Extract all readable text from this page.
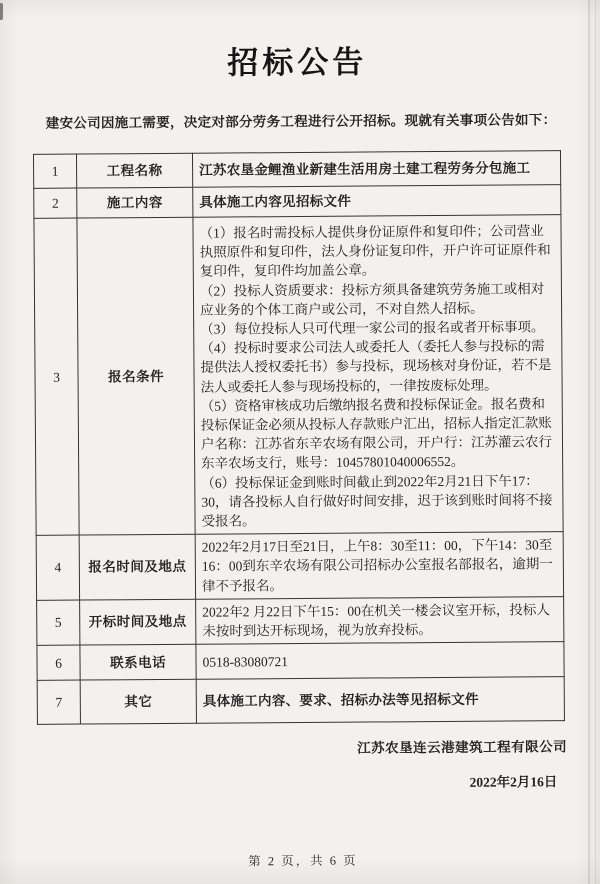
招标公告

建安公司因施工需要，决定对部分劳务工程进行公开招标。现就有关事项公告如下：

1	工程名称	江苏农垦金鲤渔业新建生活用房土建工程劳务分包施工
2	施工内容	具体施工内容见招标文件
3	报名条件	

（1）报名时需投标人提供身份证原件和复印件；公司营业执照原件和复印件，法人身份证复印件，开户许可证原件和复印件，复印件均加盖公章。

（2）投标人资质要求：投标方须具备建筑劳务施工或相对应业务的个体工商户或公司，不对自然人招标。

（3）每位投标人只可代理一家公司的报名或者开标事项。

（4）投标时要求公司法人或委托人（委托人参与投标的需提供法人授权委托书）参与投标，现场核对身份证，若不是法人或委托人参与现场投标的，一律按废标处理。

（5）资格审核成功后缴纳报名费和投标保证金。报名费和投标保证金必须从投标人存款账户汇出，招标人指定汇款账户名称：江苏省东辛农场有限公司，开户行：江苏灌云农行东辛农场支行，账号：10457801040006552。

（6）投标保证金到账时间截止到2022年2月21日下午17：30，请各投标人自行做好时间安排，迟于该到账时间将不接受报名。

4	报名时间及地点	2022年2月17日至21日，上午8：30至11：00，下午14：30至16：00到东辛农场有限公司招标办公室报名部报名，逾期一律不予报名。
5	开标时间及地点	2022年2 月22日下午15：00在机关一楼会议室开标，投标人未按时到达开标现场，视为放弃投标。
6	联系电话	0518-83080721
7	其它	具体施工内容、要求、招标办法等见招标文件

江苏农垦连云港建筑工程有限公司

2022年2月16日

第 2 页，共 6 页
